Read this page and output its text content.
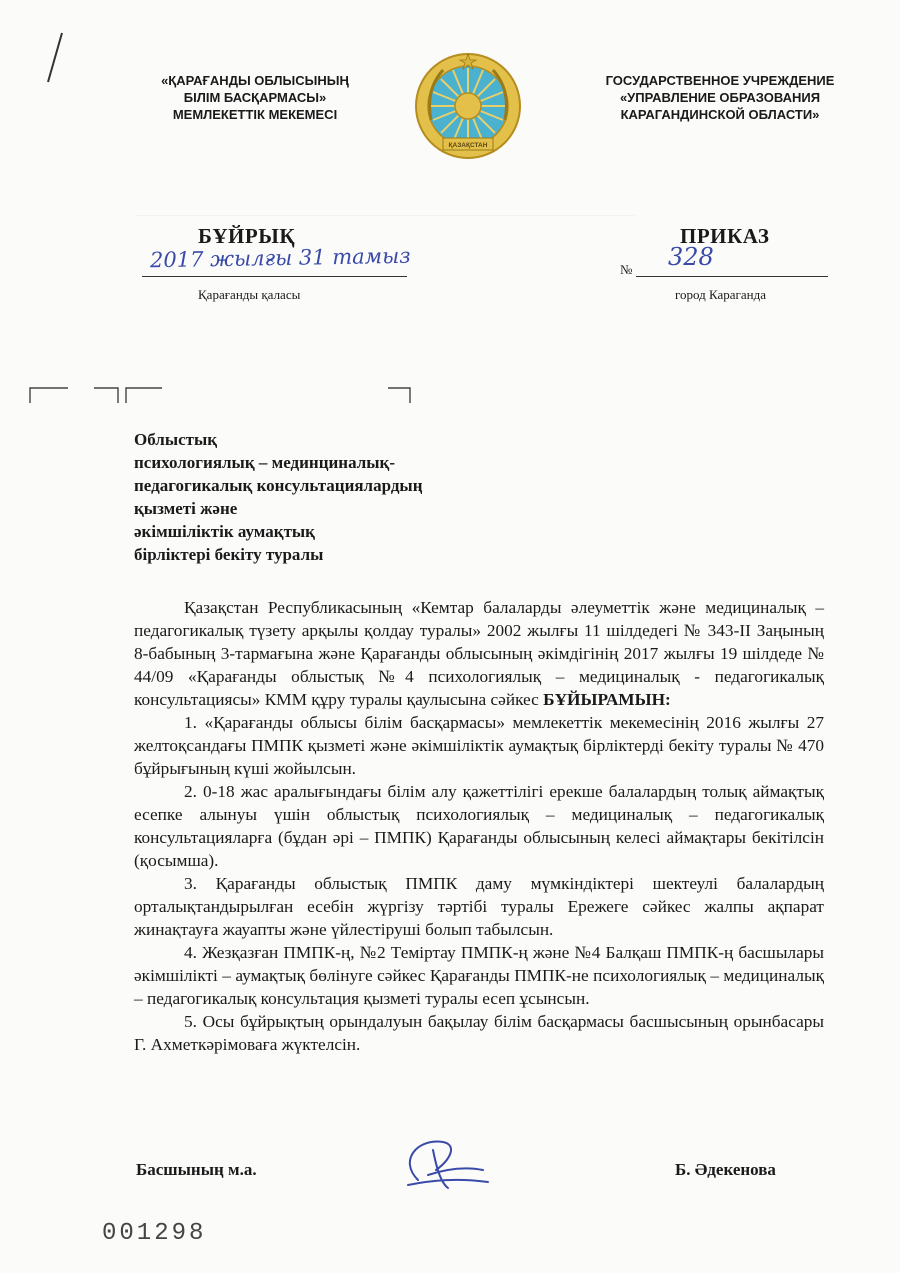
«ҚАРАҒАНДЫ ОБЛЫСЫНЫҢ
БІЛІМ БАСҚАРМАСЫ»
МЕМЛЕКЕТТІК МЕКЕМЕСІ
ҚАЗАҚСТАН
ГОСУДАРСТВЕННОЕ УЧРЕЖДЕНИЕ
«УПРАВЛЕНИЕ ОБРАЗОВАНИЯ
КАРАГАНДИНСКОЙ ОБЛАСТИ»
БҰЙРЫҚ	ПРИКАЗ
2017 жылғы 31 тамыз	№ 328
Қарағанды қаласы	город Караганда
Облыстық
психологиялық – мединциналық-
педагогикалық консультациялардың
қызметі және
әкімшіліктік аумақтық
бірліктері бекіту туралы

Қазақстан Республикасының «Кемтар балаларды әлеуметтік және медициналық – педагогикалық түзету арқылы қолдау туралы» 2002 жылғы 11 шілдедегі № 343-ІІ Заңының 8-бабының 3-тармағына және Қарағанды облысының әкімдігінің 2017 жылғы 19 шілдеде № 44/09 «Қарағанды облыстық №4 психологиялық – медициналық - педагогикалық консультациясы» КММ құру туралы қаулысына сәйкес БҰЙЫРАМЫН:

1. «Қарағанды облысы білім басқармасы» мемлекеттік мекемесінің 2016 жылғы 27 желтоқсандағы ПМПК қызметі және әкімшіліктік аумақтық бірліктерді бекіту туралы № 470 бұйрығының күші жойылсын.

2. 0-18 жас аралығындағы білім алу қажеттілігі ерекше балалардың толық аймақтық есепке алынуы үшін облыстық психологиялық – медициналық – педагогикалық консультацияларға (бұдан әрі – ПМПК) Қарағанды облысының келесі аймақтары бекітілсін (қосымша).

3. Қарағанды облыстық ПМПК даму мүмкіндіктері шектеулі балалардың орталықтандырылған есебін жүргізу тәртібі туралы Ережеге сәйкес жалпы ақпарат жинақтауға жауапты және үйлестіруші болып табылсын.

4. Жезқазған ПМПК-ң, №2 Теміртау ПМПК-ң және №4 Балқаш ПМПК-ң басшылары әкімшілікті – аумақтық бөлінуге сәйкес Қарағанды ПМПК-не психологиялық – медициналық – педагогикалық консультация қызметі туралы есеп ұсынсын.

5. Осы бұйрықтың орындалуын бақылау білім басқармасы басшысының орынбасары Г. Ахметкәрімоваға жүктелсін.

Басшының м.а.	Б. Әдекенова
001298
